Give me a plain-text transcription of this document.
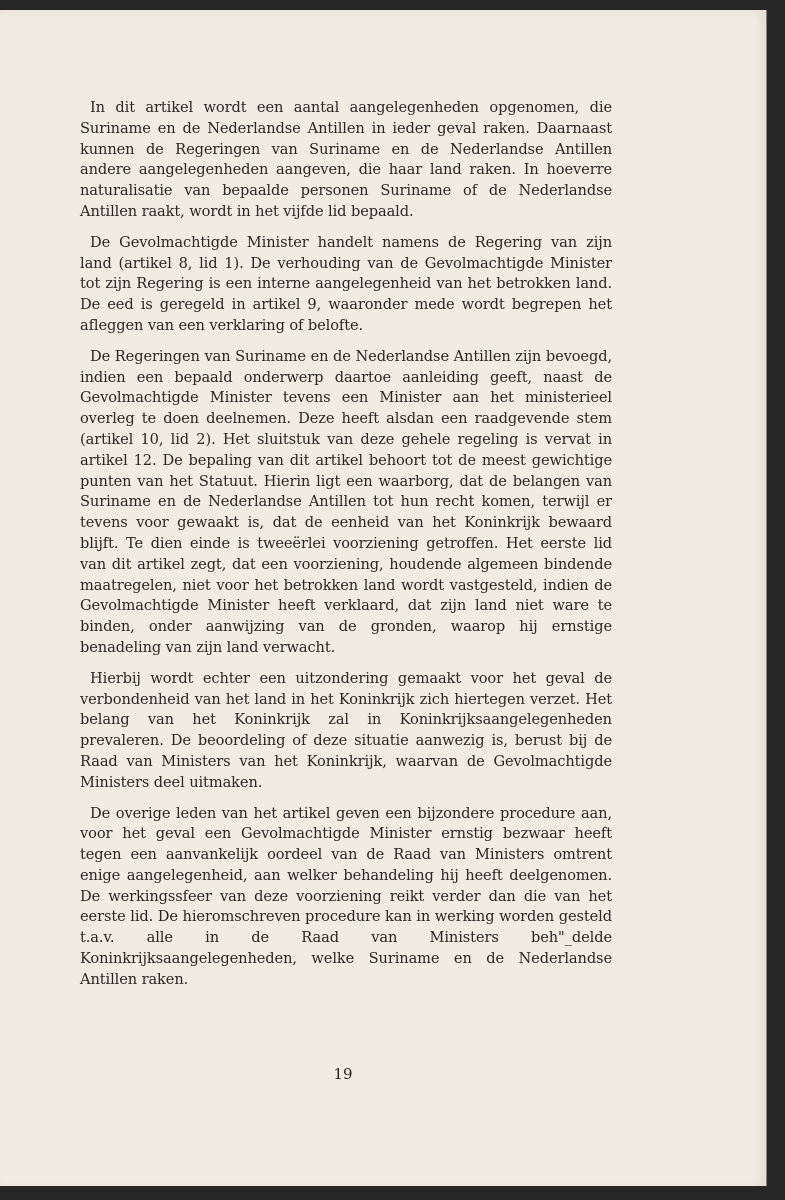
In dit artikel wordt een aantal aangelegenheden opgenomen, die Suriname en de Nederlandse Antillen in ieder geval raken. Daarnaast kunnen de Regeringen van Suriname en de Nederlandse Antillen andere aangelegenheden aangeven, die haar land raken. In hoeverre naturalisatie van bepaalde personen Suriname of de Nederlandse Antillen raakt, wordt in het vijfde lid bepaald.

De Gevolmachtigde Minister handelt namens de Regering van zijn land (artikel 8, lid 1). De verhouding van de Gevolmachtigde Minister tot zijn Regering is een interne aangelegenheid van het betrokken land. De eed is geregeld in artikel 9, waaronder mede wordt begrepen het afleggen van een verklaring of belofte.

De Regeringen van Suriname en de Nederlandse Antillen zijn bevoegd, indien een bepaald onderwerp daartoe aanleiding geeft, naast de Gevolmachtigde Minister tevens een Minister aan het ministerieel overleg te doen deelnemen. Deze heeft alsdan een raadgevende stem (artikel 10, lid 2). Het sluitstuk van deze gehele regeling is vervat in artikel 12. De bepaling van dit artikel behoort tot de meest gewichtige punten van het Statuut. Hierin ligt een waarborg, dat de belangen van Suriname en de Nederlandse Antillen tot hun recht komen, terwijl er tevens voor gewaakt is, dat de eenheid van het Koninkrijk bewaard blijft. Te dien einde is tweeërlei voorziening getroffen. Het eerste lid van dit artikel zegt, dat een voorziening, houdende algemeen bindende maatregelen, niet voor het betrokken land wordt vastgesteld, indien de Gevolmachtigde Minister heeft verklaard, dat zijn land niet ware te binden, onder aanwijzing van de gronden, waarop hij ernstige benadeling van zijn land verwacht.

Hierbij wordt echter een uitzondering gemaakt voor het geval de verbondenheid van het land in het Koninkrijk zich hiertegen verzet. Het belang van het Koninkrijk zal in Koninkrijksaangelegenheden prevaleren. De beoordeling of deze situatie aanwezig is, berust bij de Raad van Ministers van het Koninkrijk, waarvan de Gevolmachtigde Ministers deel uitmaken.

De overige leden van het artikel geven een bijzondere procedure aan, voor het geval een Gevolmachtigde Minister ernstig bezwaar heeft tegen een aanvankelijk oordeel van de Raad van Ministers omtrent enige aangelegenheid, aan welker behandeling hij heeft deelgenomen. De werkingssfeer van deze voorziening reikt verder dan die van het eerste lid. De hieromschreven procedure kan in werking worden gesteld t.a.v. alle in de Raad van Ministers beh"_delde Koninkrijksaangelegenheden, welke Suriname en de Nederlandse Antillen raken.

19
